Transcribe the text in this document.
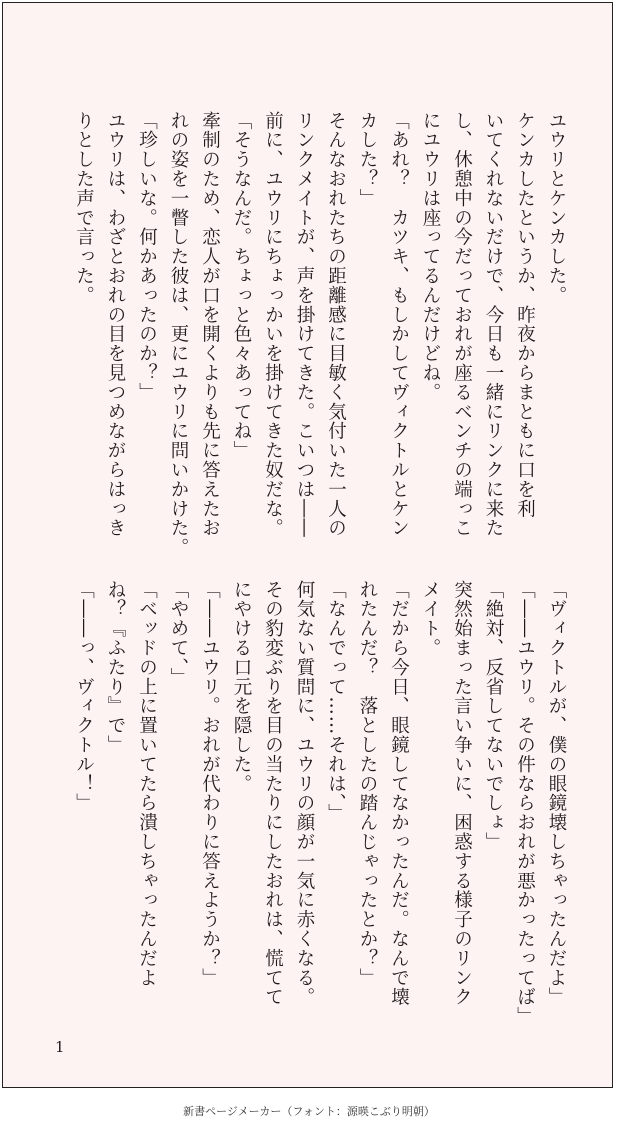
ユウリとケンカした。
ケンカしたというか、昨夜からまともに口を利
いてくれないだけで、今日も一緒にリンクに来た
し、休憩中の今だっておれが座るベンチの端っこ
にユウリは座ってるんだけどね。
「あれ？　カツキ、もしかしてヴィクトルとケン
カした？」
そんなおれたちの距離感に目敏く気付いた一人の
リンクメイトが、声を掛けてきた。こいつは――
前に、ユウリにちょっかいを掛けてきた奴だな。
「そうなんだ。ちょっと色々あってね」
牽制のため、恋人が口を開くよりも先に答えたお
れの姿を一瞥した彼は、更にユウリに問いかけた。
「珍しいな。何かあったのか？」
ユウリは、わざとおれの目を見つめながらはっき
りとした声で言った。
「ヴィクトルが、僕の眼鏡壊しちゃったんだよ」
「――ユウリ。その件ならおれが悪かったってば」
「絶対、反省してないでしょ」
突然始まった言い争いに、困惑する様子のリンク
メイト。
「だから今日、眼鏡してなかったんだ。なんで壊
れたんだ？　落としたの踏んじゃったとか？」
「なんでって……それは、」
何気ない質問に、ユウリの顔が一気に赤くなる。
その豹変ぶりを目の当たりにしたおれは、慌てて
にやける口元を隠した。
「――ユウリ。おれが代わりに答えようか？」
「やめて、」
「ベッドの上に置いてたら潰しちゃったんだよ
ね？『ふたり』で」
「――っ、ヴィクトル！」
1
新書ページメーカー（フォント：源暎こぶり明朝）
